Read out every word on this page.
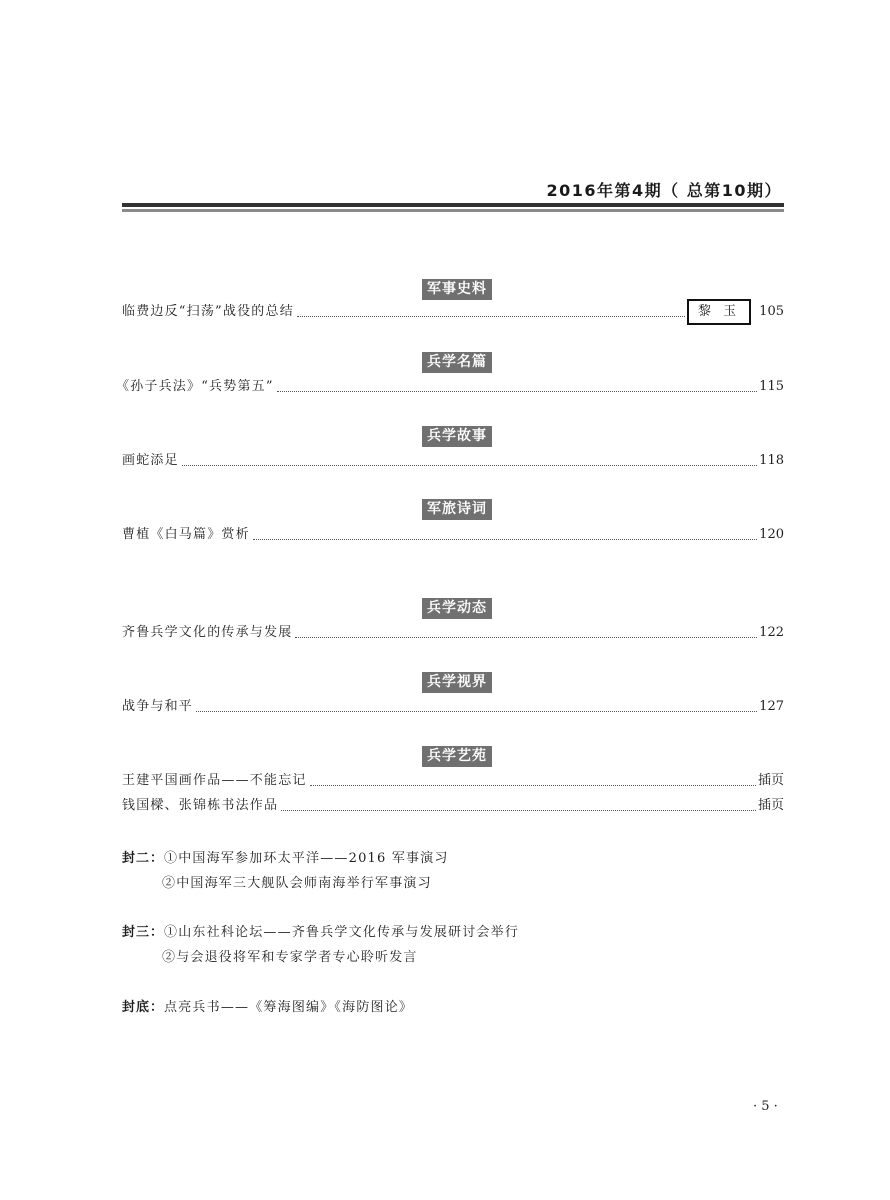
2016年第4期（ 总第10期）
军事史料
临费边反“扫荡”战役的总结	黎 玉	105
兵学名篇
《孙子兵法》“兵势第五”	115
兵学故事
画蛇添足	118
军旅诗词
曹植《白马篇》赏析	120
兵学动态
齐鲁兵学文化的传承与发展	122
兵学视界
战争与和平	127
兵学艺苑
王建平国画作品——不能忘记	插页
钱国樑、张锦栋书法作品	插页
封二：①中国海军参加环太平洋——2016 军事演习
②中国海军三大舰队会师南海举行军事演习
封三：①山东社科论坛——齐鲁兵学文化传承与发展研讨会举行
②与会退役将军和专家学者专心聆听发言
封底：点亮兵书——《筹海图编》《海防图论》
· 5 ·
